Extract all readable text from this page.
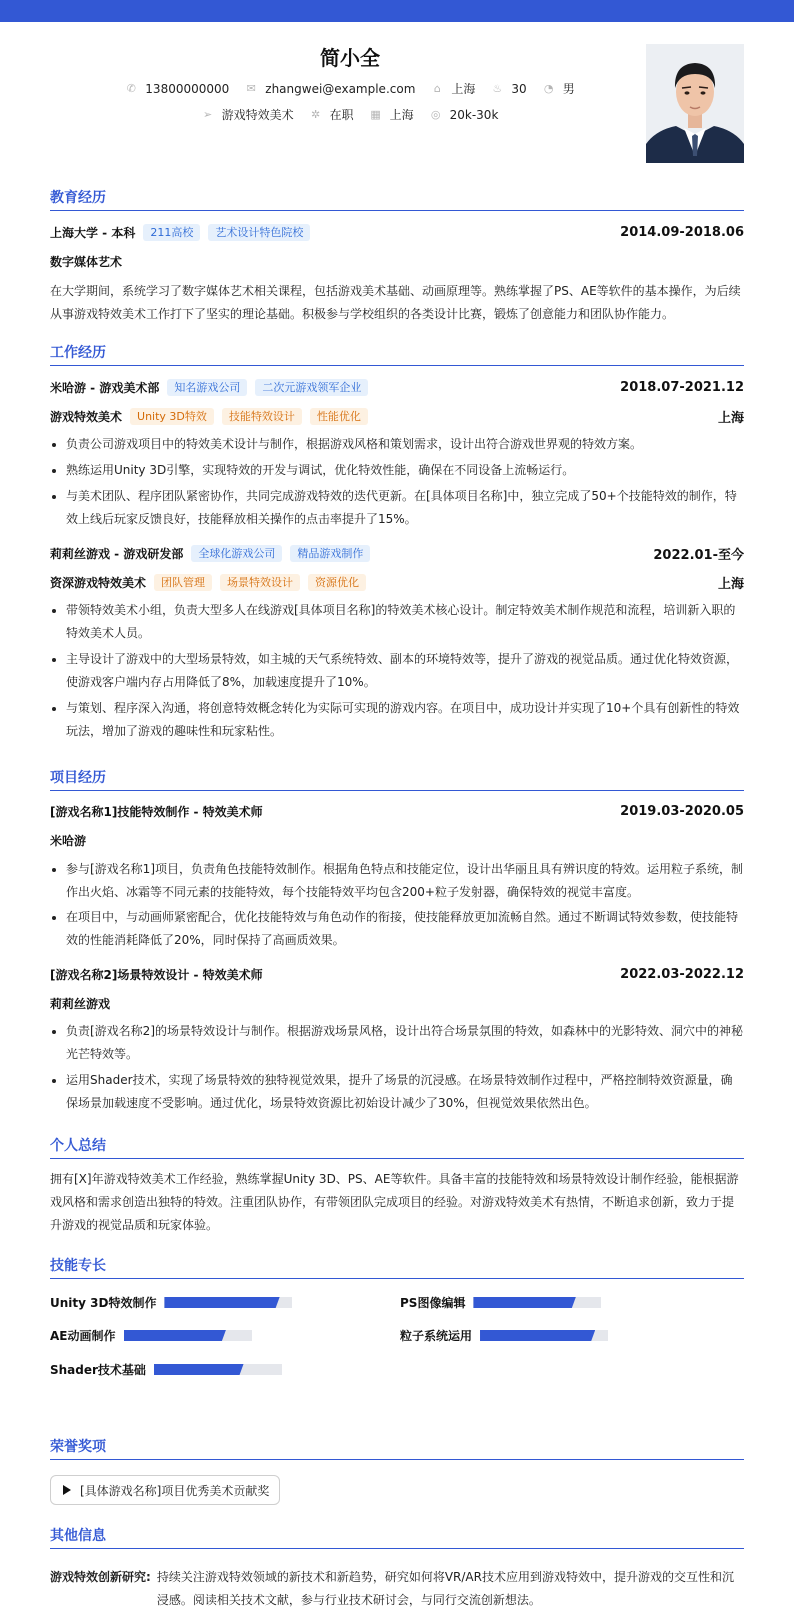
简小全
✆ 13800000000 ✉ zhangwei@example.com ⌂ 上海 ♨ 30 ◔ 男
➢ 游戏特效美术 ✲ 在职 ▦ 上海 ◎ 20k-30k
教育经历
上海大学 - 本科	211高校	艺术设计特色院校	2014.09-2018.06
数字媒体艺术
在大学期间，系统学习了数字媒体艺术相关课程，包括游戏美术基础、动画原理等。熟练掌握了PS、AE等软件的基本操作，为后续从事游戏特效美术工作打下了坚实的理论基础。积极参与学校组织的各类设计比赛，锻炼了创意能力和团队协作能力。
工作经历
米哈游 - 游戏美术部	知名游戏公司	二次元游戏领军企业	2018.07-2021.12
游戏特效美术	Unity 3D特效	技能特效设计	性能优化	上海
负责公司游戏项目中的特效美术设计与制作，根据游戏风格和策划需求，设计出符合游戏世界观的特效方案。
熟练运用Unity 3D引擎，实现特效的开发与调试，优化特效性能，确保在不同设备上流畅运行。
与美术团队、程序团队紧密协作，共同完成游戏特效的迭代更新。在[具体项目名称]中，独立完成了50+个技能特效的制作，特效上线后玩家反馈良好，技能释放相关操作的点击率提升了15%。
莉莉丝游戏 - 游戏研发部	全球化游戏公司	精品游戏制作	2022.01-至今
资深游戏特效美术	团队管理	场景特效设计	资源优化	上海
带领特效美术小组，负责大型多人在线游戏[具体项目名称]的特效美术核心设计。制定特效美术制作规范和流程，培训新入职的特效美术人员。
主导设计了游戏中的大型场景特效，如主城的天气系统特效、副本的环境特效等，提升了游戏的视觉品质。通过优化特效资源，使游戏客户端内存占用降低了8%，加载速度提升了10%。
与策划、程序深入沟通，将创意特效概念转化为实际可实现的游戏内容。在项目中，成功设计并实现了10+个具有创新性的特效玩法，增加了游戏的趣味性和玩家粘性。
项目经历
[游戏名称1]技能特效制作 - 特效美术师	2019.03-2020.05
米哈游
参与[游戏名称1]项目，负责角色技能特效制作。根据角色特点和技能定位，设计出华丽且具有辨识度的特效。运用粒子系统，制作出火焰、冰霜等不同元素的技能特效，每个技能特效平均包含200+粒子发射器，确保特效的视觉丰富度。
在项目中，与动画师紧密配合，优化技能特效与角色动作的衔接，使技能释放更加流畅自然。通过不断调试特效参数，使技能特效的性能消耗降低了20%，同时保持了高画质效果。
[游戏名称2]场景特效设计 - 特效美术师	2022.03-2022.12
莉莉丝游戏
负责[游戏名称2]的场景特效设计与制作。根据游戏场景风格，设计出符合场景氛围的特效，如森林中的光影特效、洞穴中的神秘光芒特效等。
运用Shader技术，实现了场景特效的独特视觉效果，提升了场景的沉浸感。在场景特效制作过程中，严格控制特效资源量，确保场景加载速度不受影响。通过优化，场景特效资源比初始设计减少了30%，但视觉效果依然出色。
个人总结
拥有[X]年游戏特效美术工作经验，熟练掌握Unity 3D、PS、AE等软件。具备丰富的技能特效和场景特效设计制作经验，能根据游戏风格和需求创造出独特的特效。注重团队协作，有带领团队完成项目的经验。对游戏特效美术有热情，不断追求创新，致力于提升游戏的视觉品质和玩家体验。
技能专长
Unity 3D特效制作	PS图像编辑
AE动画制作	粒子系统运用
Shader技术基础
荣誉奖项
[具体游戏名称]项目优秀美术贡献奖
其他信息
游戏特效创新研究: 持续关注游戏特效领域的新技术和新趋势，研究如何将VR/AR技术应用到游戏特效中，提升游戏的交互性和沉浸感。阅读相关技术文献，参与行业技术研讨会，与同行交流创新想法。
